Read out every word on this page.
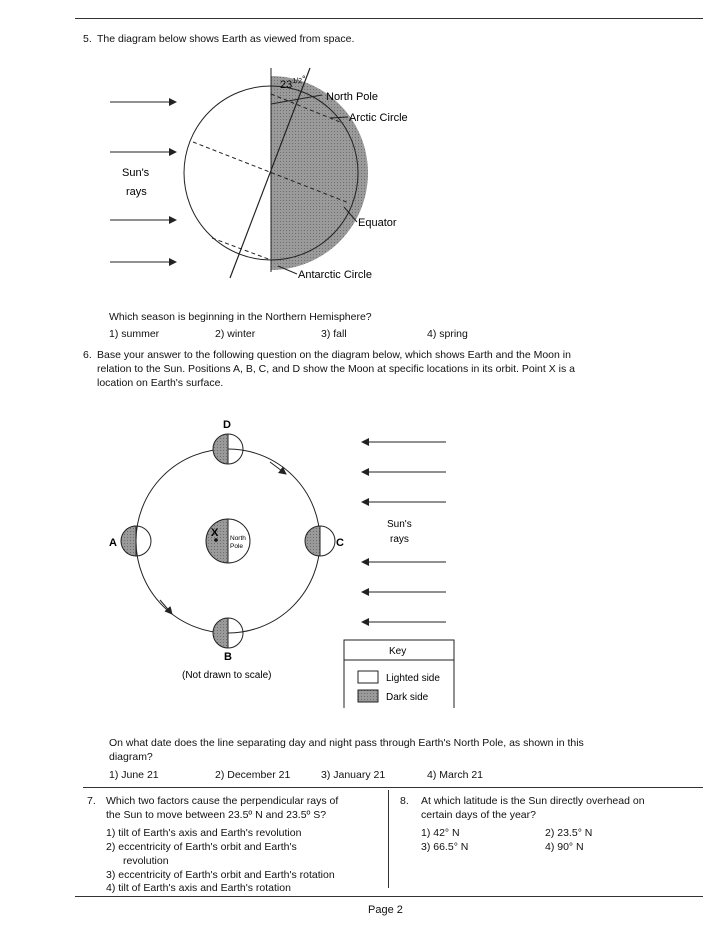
5. The diagram below shows Earth as viewed from space.
Sun's
rays
$23^{1/2}^\circ$
North Pole
Arctic Circle
Equator
Antarctic Circle
Which season is beginning in the Northern Hemisphere?
1) summer	2) winter	3) fall	4) spring
6. Base your answer to the following question on the diagram below, which shows Earth and the Moon in
relation to the Sun. Positions A, B, C, and D show the Moon at specific locations in its orbit. Point X is a
location on Earth's surface.
X North
Pole
D
A	C
B
(Not drawn to scale)
Sun's
rays
Key
Lighted side
Dark side
On what date does the line separating day and night pass through Earth's North Pole, as shown in this
diagram?
1) June 21	2) December 21	3) January 21	4) March 21
7. Which two factors cause the perpendicular rays of
the Sun to move between 23.5º N and 23.5º S?
1) tilt of Earth's axis and Earth's revolution
2) eccentricity of Earth's orbit and Earth's
revolution
3) eccentricity of Earth's orbit and Earth's rotation
4) tilt of Earth's axis and Earth's rotation
8. At which latitude is the Sun directly overhead on
certain days of the year?
1) 42° N	2) 23.5° N
3) 66.5° N	4) 90° N
Page 2
